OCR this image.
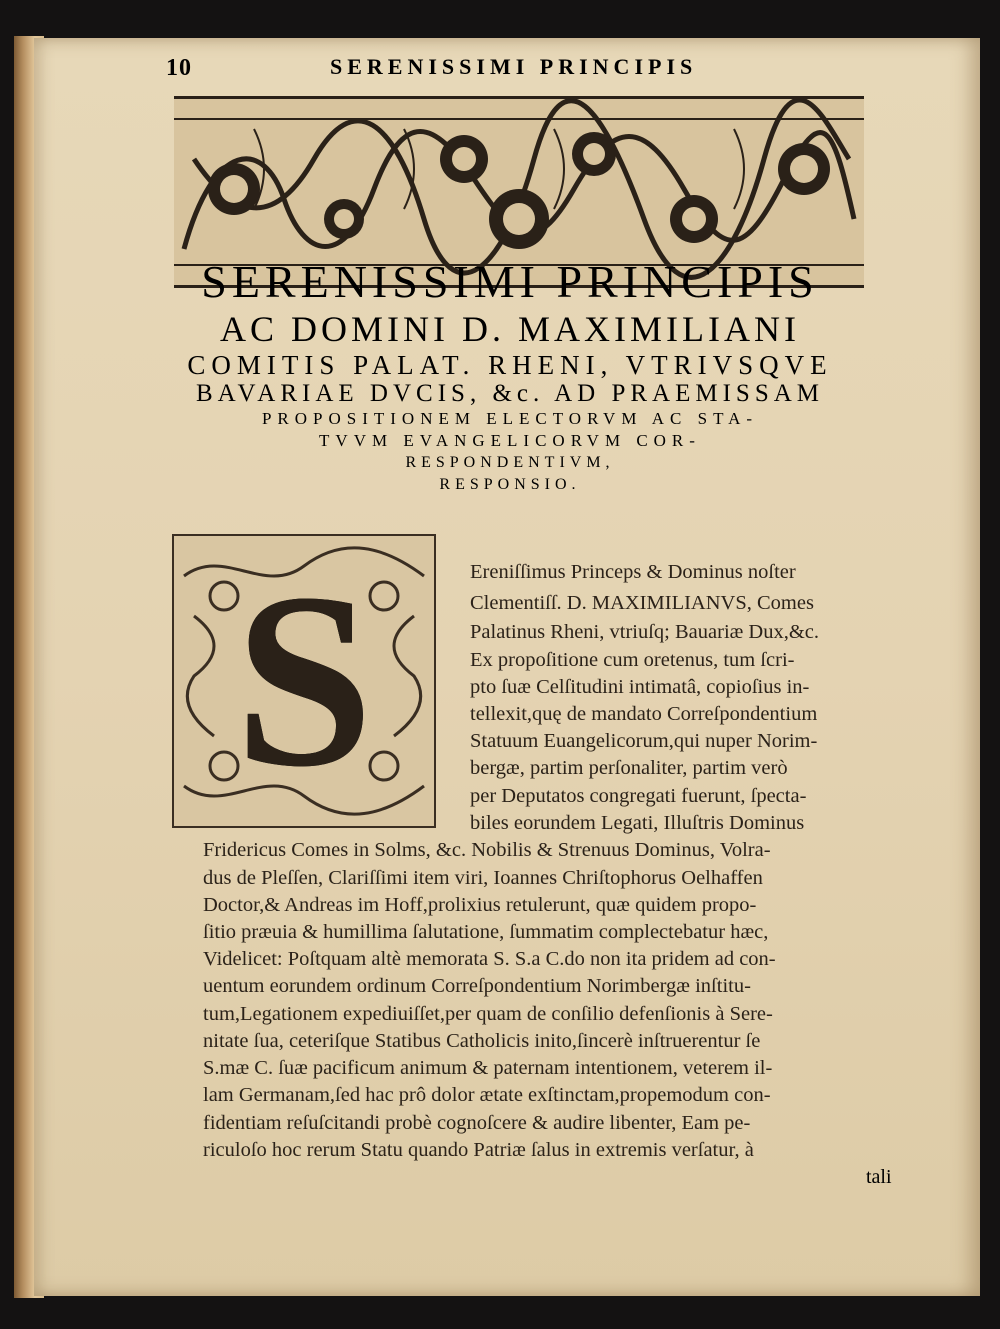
10	SERENISSIMI PRINCIPIS
SERENISSIMI PRINCIPIS
AC DOMINI D. MAXIMILIANI
COMITIS PALAT. RHENI, VTRIVSQVE
BAVARIAE DVCIS, &c. AD PRAEMISSAM
PROPOSITIONEM ELECTORVM AC STA-
TVVM EVANGELICORVM COR-
RESPONDENTIVM,
RESPONSIO.
S	Ereniſſimus Princeps & Dominus noſter
Clementiſſ. D. MAXIMILIANVS, Comes
Palatinus Rheni, vtriuſq; Bauariæ Dux,&c.
Ex propoſitione cum oretenus, tum ſcri-
pto ſuæ Celſitudini intimatâ, copioſius in-
tellexit,quę de mandato Correſpondentium
Statuum Euangelicorum,qui nuper Norim-
bergæ, partim perſonaliter, partim verò
per Deputatos congregati fuerunt, ſpecta-
biles eorundem Legati, Illuſtris Dominus
Fridericus Comes in Solms, &c. Nobilis & Strenuus Dominus, Volra-
dus de Pleſſen, Clariſſimi item viri, Ioannes Chriſtophorus Oelhaffen
Doctor,& Andreas im Hoff,prolixius retulerunt, quæ quidem propo-
ſitio præuia & humillima ſalutatione, ſummatim complectebatur hæc,
Videlicet: Poſtquam altè memorata S. S.a C.do non ita pridem ad con-
uentum eorundem ordinum Correſpondentium Norimbergæ inſtitu-
tum,Legationem expediuiſſet,per quam de conſilio defenſionis à Sere-
nitate ſua, ceteriſque Statibus Catholicis inito,ſincerè inſtruerentur ſe
S.mæ C. ſuæ pacificum animum & paternam intentionem, veterem il-
lam Germanam,ſed hac prô dolor ætate exſtinctam,propemodum con-
fidentiam reſuſcitandi probè cognoſcere & audire libenter, Eam pe-
riculoſo hoc rerum Statu quando Patriæ ſalus in extremis verſatur, à
tali
